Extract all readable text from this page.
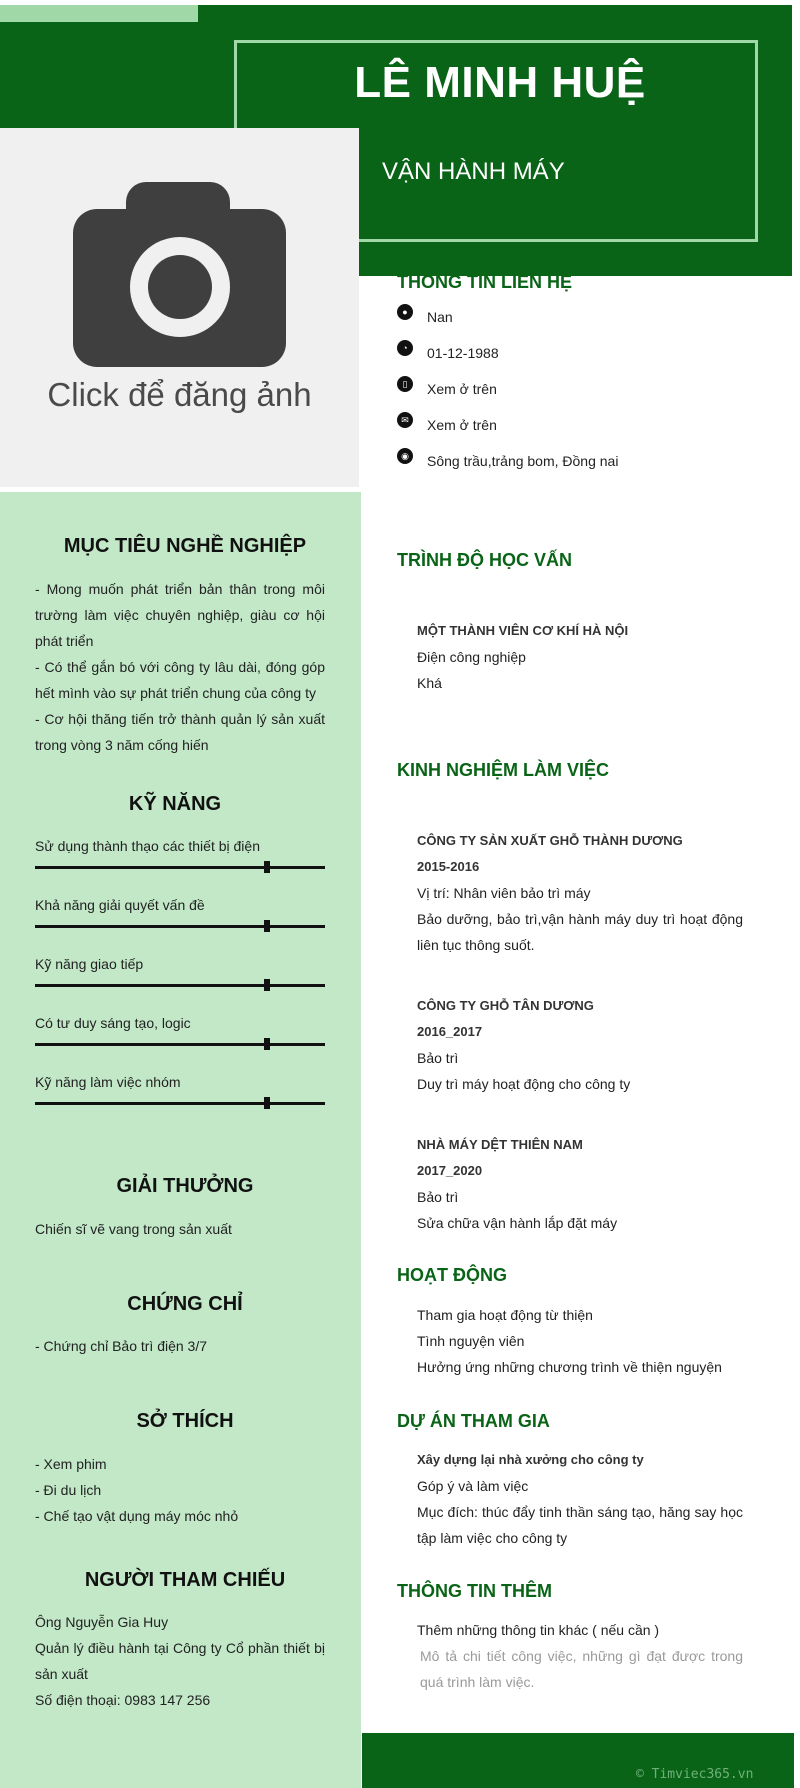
LÊ MINH HUỆ
VẬN HÀNH MÁY
Click để đăng ảnh
THÔNG TIN LIÊN HỆ
●	Nan
◔	01-12-1988
▯	Xem ở trên
✉	Xem ở trên
◉ Sông trầu,trảng bom, Đồng nai
MỤC TIÊU NGHỀ NGHIỆP
- Mong muốn phát triển bản thân trong môi trường làm việc chuyên nghiệp, giàu cơ hội phát triển
- Có thể gắn bó với công ty lâu dài, đóng góp hết mình vào sự phát triển chung của công ty
- Cơ hội thăng tiến trở thành quản lý sản xuất trong vòng 3 năm cống hiến
KỸ NĂNG
Sử dụng thành thạo các thiết bị điện
Khả năng giải quyết vấn đề
Kỹ năng giao tiếp
Có tư duy sáng tạo, logic
Kỹ năng làm việc nhóm
GIẢI THƯỞNG
Chiến sĩ vẽ vang trong sản xuất
CHỨNG CHỈ
- Chứng chỉ Bảo trì điện 3/7
SỞ THÍCH
- Xem phim
- Đi du lịch
- Chế tạo vật dụng máy móc nhỏ
NGƯỜI THAM CHIẾU
Ông Nguyễn Gia Huy
Quản lý điều hành tại Công ty Cổ phần thiết bị sản xuất
Số điện thoại: 0983 147 256
TRÌNH ĐỘ HỌC VẤN
MỘT THÀNH VIÊN CƠ KHÍ HÀ NỘI
Điện công nghiệp
Khá
KINH NGHIỆM LÀM VIỆC
CÔNG TY SẢN XUẤT GHỖ THÀNH DƯƠNG
2015-2016
Vị trí: Nhân viên bảo trì máy
Bảo dưỡng, bảo trì,vận hành máy duy trì hoạt động liên tục thông suốt.
CÔNG TY GHỖ TÂN DƯƠNG
2016_2017
Bảo trì
Duy trì máy hoạt động cho công ty
NHÀ MÁY DỆT THIÊN NAM
2017_2020
Bảo trì
Sửa chữa vận hành lắp đặt máy
HOẠT ĐỘNG
Tham gia hoạt động từ thiện
Tình nguyện viên
Hưởng ứng những chương trình về thiện nguyện
DỰ ÁN THAM GIA
Xây dựng lại nhà xưởng cho công ty
Góp ý và làm việc
Mục đích: thúc đẩy tinh thần sáng tạo, hăng say học tập làm việc cho công ty
THÔNG TIN THÊM
Thêm những thông tin khác ( nếu cần )
Mô tả chi tiết công việc, những gì đạt được trong quá trình làm việc.
© Timviec365.vn
